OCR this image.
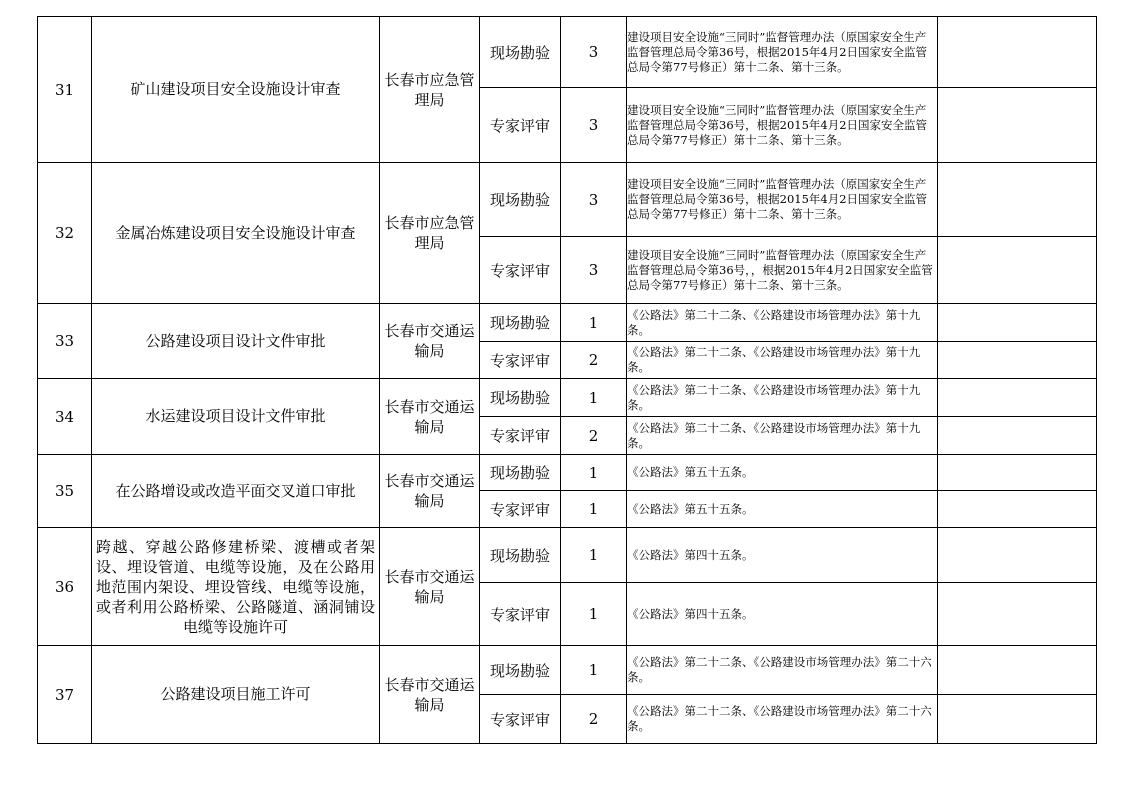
31	矿山建设项目安全设施设计审查	长春市应急管理局	现场勘验	3	建设项目安全设施“三同时”监督管理办法（原国家安全生产监督管理总局令第36号，根据2015年4月2日国家安全监管总局令第77号修正）第十二条、第十三条。	
			专家评审	3	建设项目安全设施“三同时”监督管理办法（原国家安全生产监督管理总局令第36号，根据2015年4月2日国家安全监管总局令第77号修正）第十二条、第十三条。	
32	金属冶炼建设项目安全设施设计审查	长春市应急管理局	现场勘验	3	建设项目安全设施“三同时”监督管理办法（原国家安全生产监督管理总局令第36号，根据2015年4月2日国家安全监管总局令第77号修正）第十二条、第十三条。	
			专家评审	3	建设项目安全设施“三同时”监督管理办法（原国家安全生产监督管理总局令第36号，，根据2015年4月2日国家安全监管总局令第77号修正）第十二条、第十三条。	
33	公路建设项目设计文件审批	长春市交通运输局	现场勘验	1	《公路法》第二十二条、《公路建设市场管理办法》第十九条。	
			专家评审	2	《公路法》第二十二条、《公路建设市场管理办法》第十九条。	
34	水运建设项目设计文件审批	长春市交通运输局	现场勘验	1	《公路法》第二十二条、《公路建设市场管理办法》第十九条。	
			专家评审	2	《公路法》第二十二条、《公路建设市场管理办法》第十九条。	
35	在公路增设或改造平面交叉道口审批	长春市交通运输局	现场勘验	1	《公路法》第五十五条。	
			专家评审	1	《公路法》第五十五条。	
36	跨越、穿越公路修建桥梁、渡槽或者架设、埋设管道、电缆等设施，及在公路用地范围内架设、埋设管线、电缆等设施，或者利用公路桥梁、公路隧道、涵洞铺设电缆等设施许可	长春市交通运输局	现场勘验	1	《公路法》第四十五条。	
			专家评审	1	《公路法》第四十五条。	
37	公路建设项目施工许可	长春市交通运输局	现场勘验	1	《公路法》第二十二条、《公路建设市场管理办法》第二十六条。	
			专家评审	2	《公路法》第二十二条、《公路建设市场管理办法》第二十六条。	
